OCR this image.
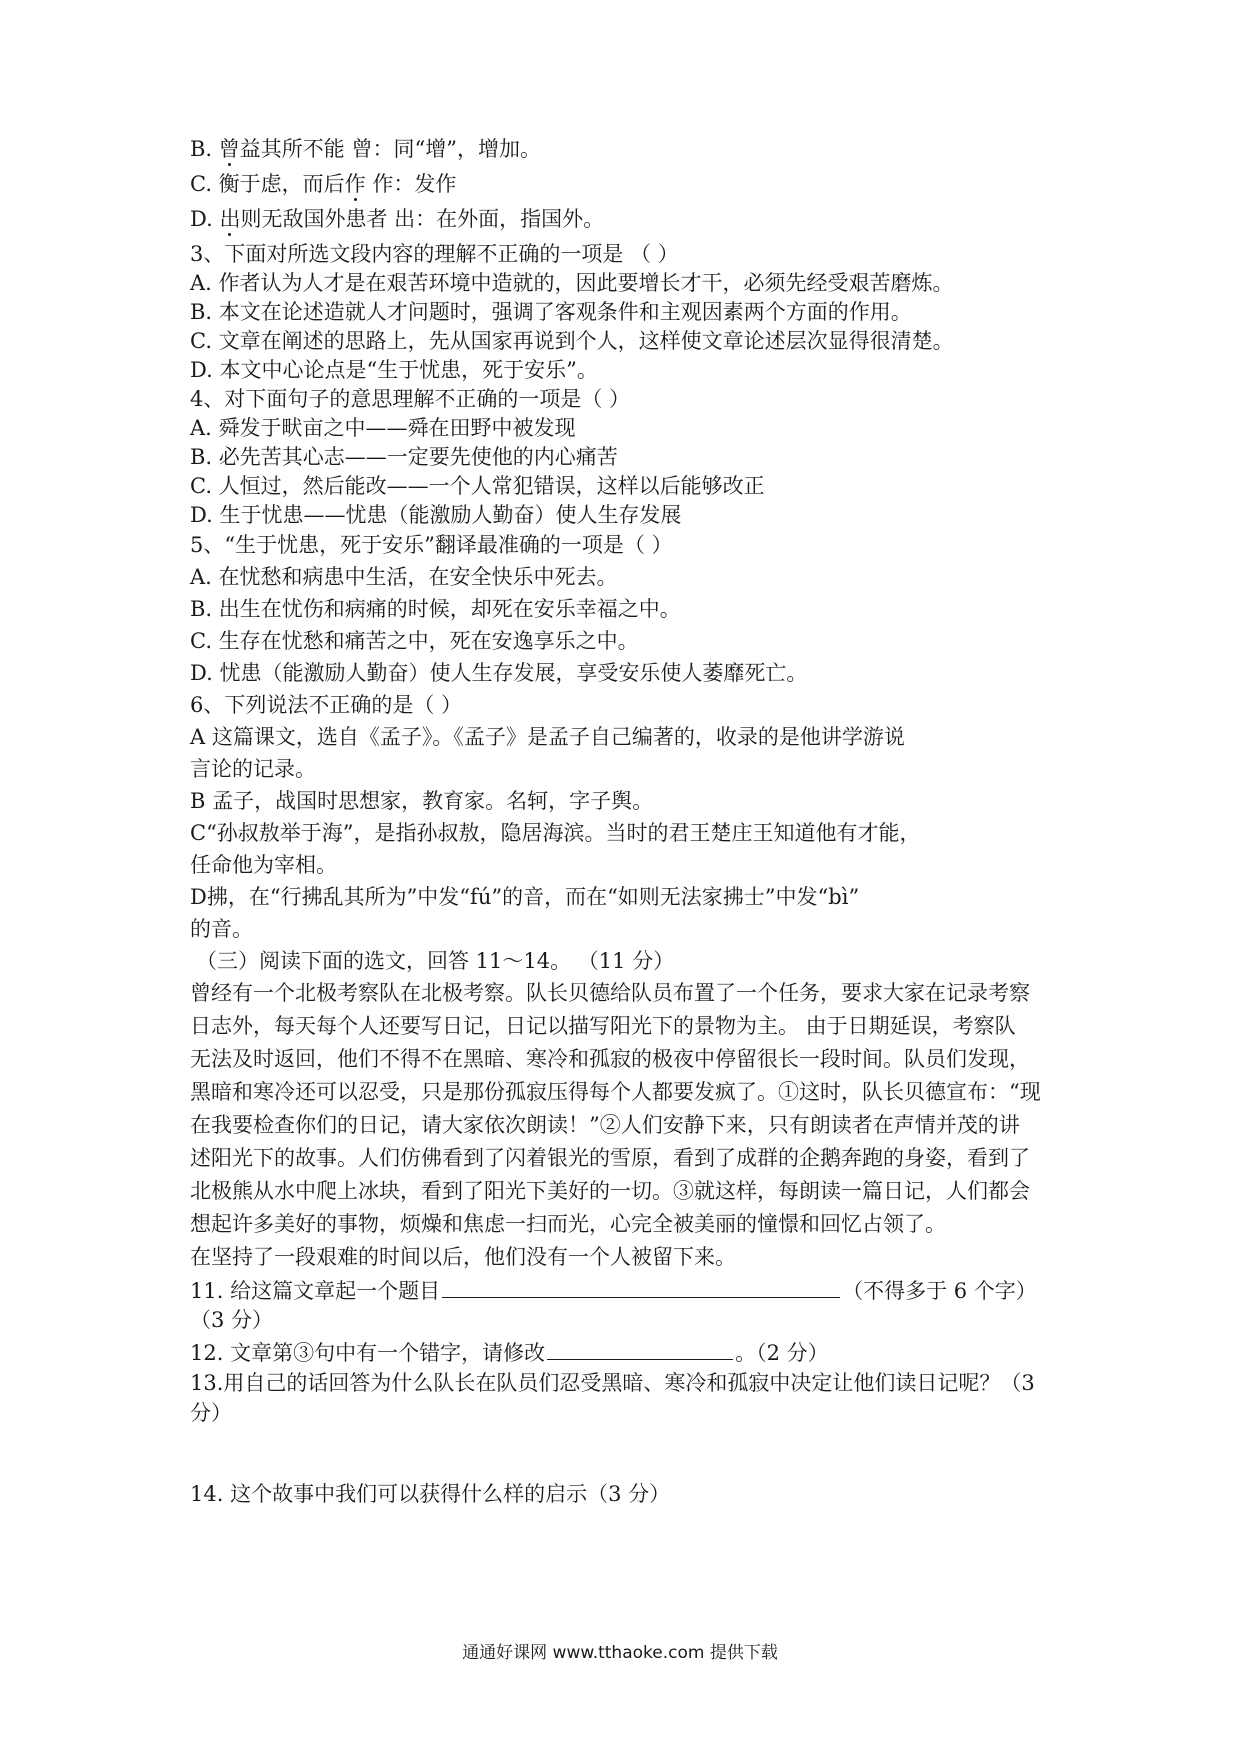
B. 曾益其所不能 曾：同“增”，增加。
C. 衡于虑，而后作 作：发作
D. 出则无敌国外患者 出：在外面，指国外。
3、下面对所选文段内容的理解不正确的一项是 （ ）
A. 作者认为人才是在艰苦环境中造就的，因此要增长才干，必须先经受艰苦磨炼。
B. 本文在论述造就人才问题时，强调了客观条件和主观因素两个方面的作用。
C. 文章在阐述的思路上，先从国家再说到个人，这样使文章论述层次显得很清楚。
D. 本文中心论点是“生于忧患，死于安乐”。
4、对下面句子的意思理解不正确的一项是（ ）
A. 舜发于畎亩之中——舜在田野中被发现
B. 必先苦其心志——一定要先使他的内心痛苦
C. 人恒过，然后能改——一个人常犯错误，这样以后能够改正
D. 生于忧患——忧患（能激励人勤奋）使人生存发展
5、“生于忧患，死于安乐”翻译最准确的一项是（ ）
A. 在忧愁和病患中生活，在安全快乐中死去。
B. 出生在忧伤和病痛的时候，却死在安乐幸福之中。
C. 生存在忧愁和痛苦之中，死在安逸享乐之中。
D. 忧患（能激励人勤奋）使人生存发展，享受安乐使人萎靡死亡。
6、下列说法不正确的是（ ）
A 这篇课文，选自《孟子》。《孟子》是孟子自己编著的，收录的是他讲学游说
言论的记录。
B 孟子，战国时思想家，教育家。名轲，字子舆。
C“孙叔敖举于海”，是指孙叔敖，隐居海滨。当时的君王楚庄王知道他有才能，
任命他为宰相。
D拂，在“行拂乱其所为”中发“fú”的音，而在“如则无法家拂士”中发“bì”
的音。
（三）阅读下面的选文，回答 11～14。 （11 分）
曾经有一个北极考察队在北极考察。队长贝德给队员布置了一个任务，要求大家在记录考察
日志外，每天每个人还要写日记，日记以描写阳光下的景物为主。 由于日期延误，考察队
无法及时返回，他们不得不在黑暗、寒冷和孤寂的极夜中停留很长一段时间。队员们发现，
黑暗和寒冷还可以忍受，只是那份孤寂压得每个人都要发疯了。①这时，队长贝德宣布：“现
在我要检查你们的日记，请大家依次朗读！”②人们安静下来，只有朗读者在声情并茂的讲
述阳光下的故事。人们仿佛看到了闪着银光的雪原，看到了成群的企鹅奔跑的身姿，看到了
北极熊从水中爬上冰块，看到了阳光下美好的一切。③就这样，每朗读一篇日记，人们都会
想起许多美好的事物，烦燥和焦虑一扫而光，心完全被美丽的憧憬和回忆占领了。
在坚持了一段艰难的时间以后，他们没有一个人被留下来。
11. 给这篇文章起一个题目	（不得多于 6 个字）
（3 分）
12. 文章第③句中有一个错字，请修改	。（2 分）
13.用自己的话回答为什么队长在队员们忍受黑暗、寒冷和孤寂中决定让他们读日记呢？（3
分）
14. 这个故事中我们可以获得什么样的启示（3 分）
通通好课网 www.tthaoke.com 提供下载
